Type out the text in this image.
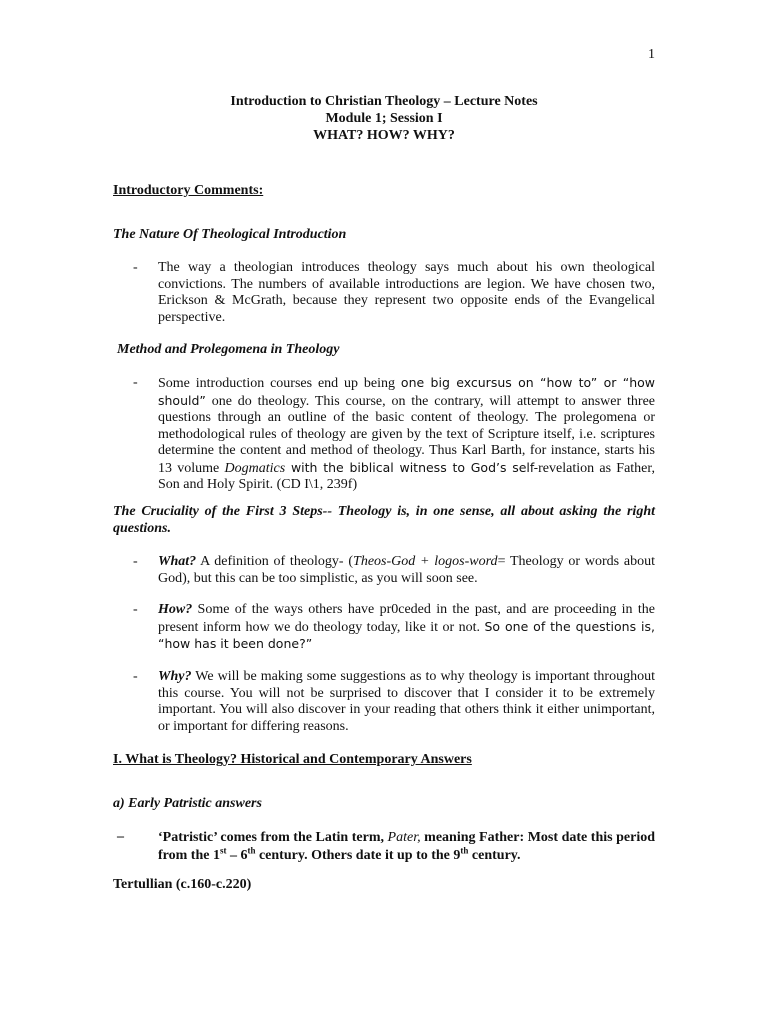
1
Introduction to Christian Theology – Lecture Notes
Module 1; Session I
WHAT? HOW? WHY?
Introductory Comments:
The Nature Of Theological Introduction
- The way a theologian introduces theology says much about his own theological convictions. The numbers of available introductions are legion. We have chosen two, Erickson & McGrath, because they represent two opposite ends of the Evangelical perspective.
Method and Prolegomena in Theology
- Some introduction courses end up being one big excursus on “how to” or “how should” one do theology. This course, on the contrary, will attempt to answer three questions through an outline of the basic content of theology. The prolegomena or methodological rules of theology are given by the text of Scripture itself, i.e. scriptures determine the content and method of theology. Thus Karl Barth, for instance, starts his 13 volume Dogmatics with the biblical witness to God’s self-revelation as Father, Son and Holy Spirit. (CD I\1, 239f)
The Cruciality of the First 3 Steps-- Theology is, in one sense, all about asking the right questions.
- What? A definition of theology- (Theos-God + logos-word= Theology or words about God), but this can be too simplistic, as you will soon see.
- How? Some of the ways others have pr0ceded in the past, and are proceeding in the present inform how we do theology today, like it or not. So one of the questions is, “how has it been done?”
- Why? We will be making some suggestions as to why theology is important throughout this course. You will not be surprised to discover that I consider it to be extremely important. You will also discover in your reading that others think it either unimportant, or important for differing reasons.
I. What is Theology? Historical and Contemporary Answers
a) Early Patristic answers
– ‘Patristic’ comes from the Latin term, Pater, meaning Father: Most date this period from the 1st – 6th century. Others date it up to the 9th century.
Tertullian (c.160-c.220)
